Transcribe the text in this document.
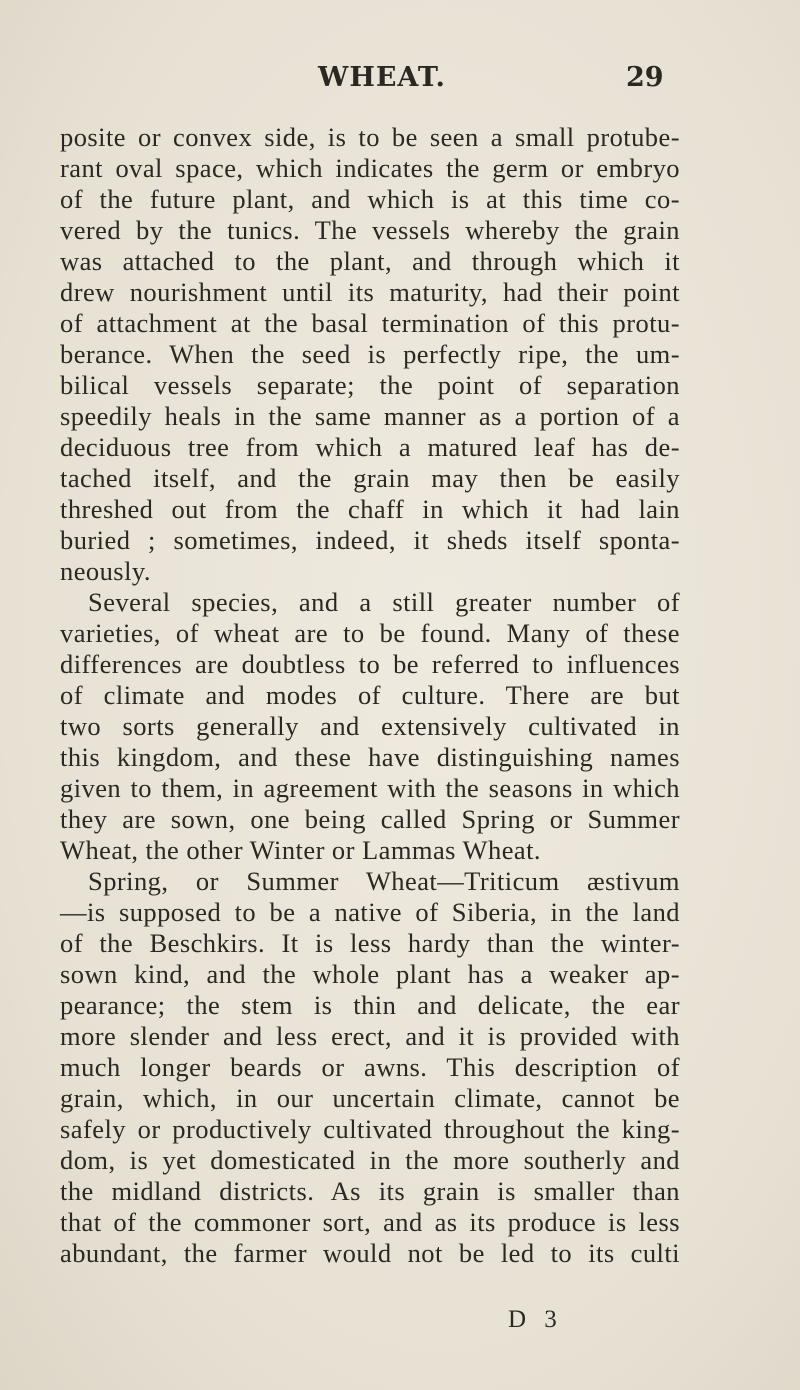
WHEAT.	29
posite or convex side, is to be seen a small protube-
rant oval space, which indicates the germ or embryo
of the future plant, and which is at this time co-
vered by the tunics. The vessels whereby the grain
was attached to the plant, and through which it
drew nourishment until its maturity, had their point
of attachment at the basal termination of this protu-
berance. When the seed is perfectly ripe, the um-
bilical vessels separate; the point of separation
speedily heals in the same manner as a portion of a
deciduous tree from which a matured leaf has de-
tached itself, and the grain may then be easily
threshed out from the chaff in which it had lain
buried ; sometimes, indeed, it sheds itself sponta-
neously.
Several species, and a still greater number of
varieties, of wheat are to be found. Many of these
differences are doubtless to be referred to influences
of climate and modes of culture. There are but
two sorts generally and extensively cultivated in
this kingdom, and these have distinguishing names
given to them, in agreement with the seasons in which
they are sown, one being called Spring or Summer
Wheat, the other Winter or Lammas Wheat.
Spring, or Summer Wheat—Triticum æstivum
—is supposed to be a native of Siberia, in the land
of the Beschkirs. It is less hardy than the winter-
sown kind, and the whole plant has a weaker ap-
pearance; the stem is thin and delicate, the ear
more slender and less erect, and it is provided with
much longer beards or awns. This description of
grain, which, in our uncertain climate, cannot be
safely or productively cultivated throughout the king-
dom, is yet domesticated in the more southerly and
the midland districts. As its grain is smaller than
that of the commoner sort, and as its produce is less
abundant, the farmer would not be led to its culti
D 3
